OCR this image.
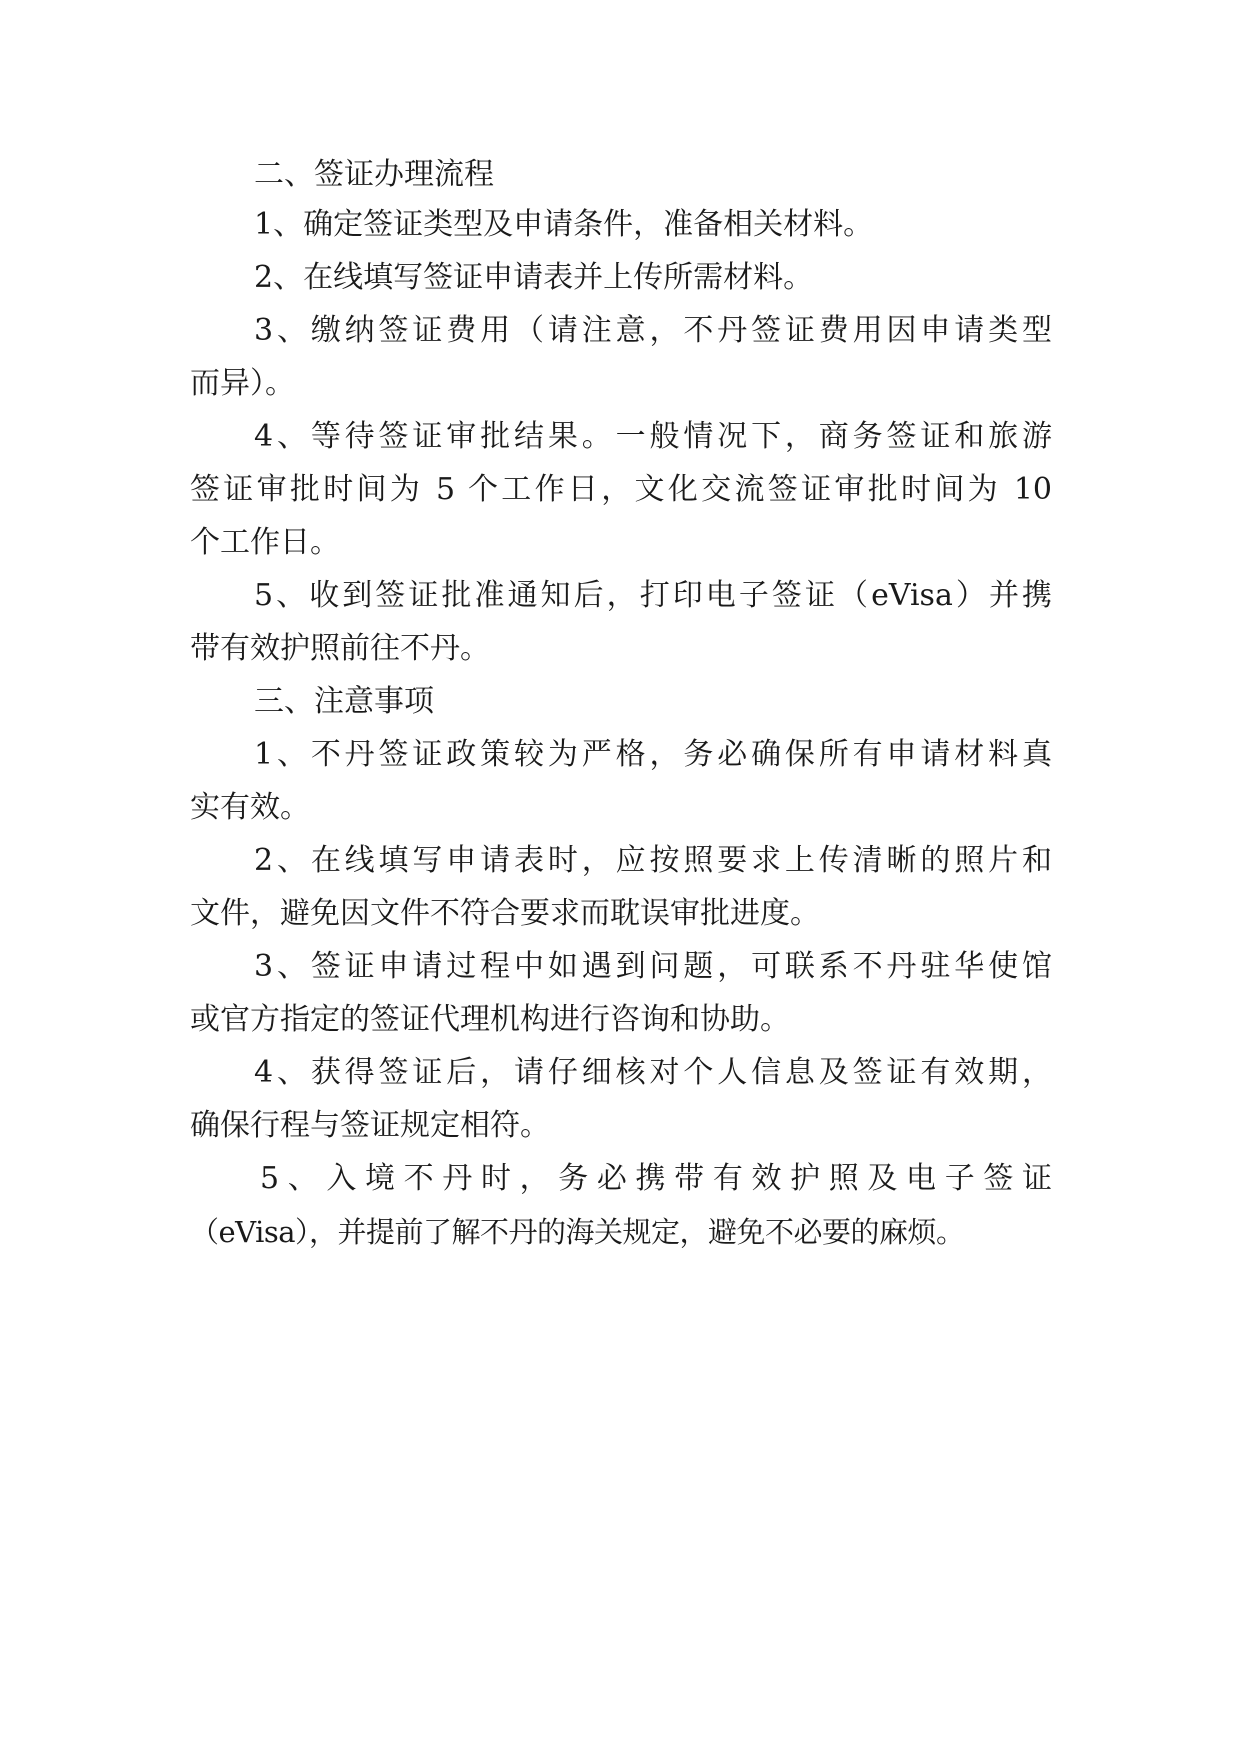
二、签证办理流程
1、确定签证类型及申请条件，准备相关材料。
2、在线填写签证申请表并上传所需材料。
3、缴纳签证费用（请注意，不丹签证费用因申请类型
而异）。
4、等待签证审批结果。一般情况下，商务签证和旅游
签证审批时间为 5 个工作日，文化交流签证审批时间为 10
个工作日。
5、收到签证批准通知后，打印电子签证（eVisa）并携
带有效护照前往不丹。
三、注意事项
1、不丹签证政策较为严格，务必确保所有申请材料真
实有效。
2、在线填写申请表时，应按照要求上传清晰的照片和
文件，避免因文件不符合要求而耽误审批进度。
3、签证申请过程中如遇到问题，可联系不丹驻华使馆
或官方指定的签证代理机构进行咨询和协助。
4、获得签证后，请仔细核对个人信息及签证有效期，
确保行程与签证规定相符。
5、入境不丹时，务必携带有效护照及电子签证
（eVisa），并提前了解不丹的海关规定，避免不必要的麻烦。
